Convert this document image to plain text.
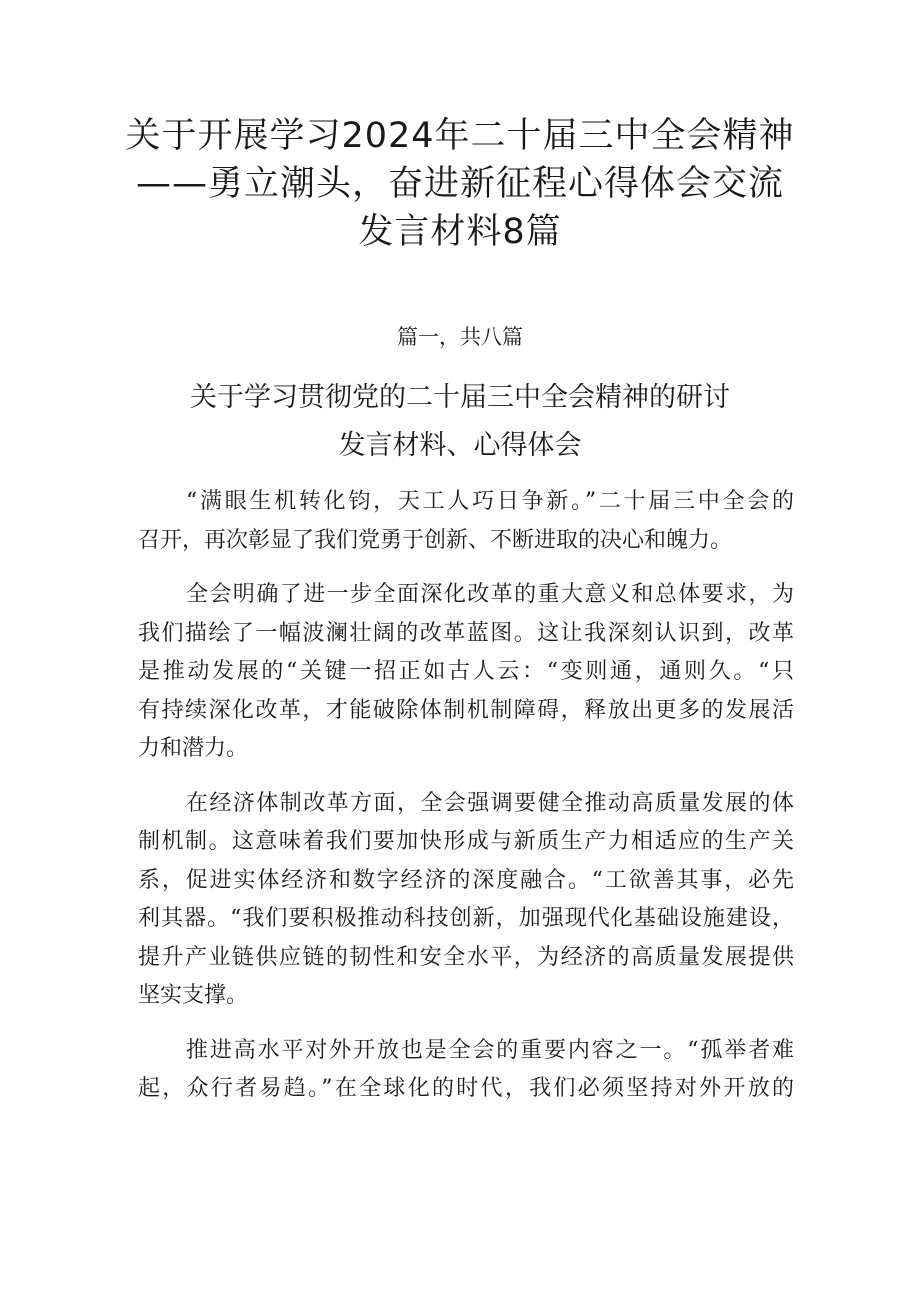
关于开展学习2024年二十届三中全会精神
——勇立潮头，奋进新征程心得体会交流
发言材料8篇
篇一，共八篇
关于学习贯彻党的二十届三中全会精神的研讨
发言材料、心得体会
“满眼生机转化钧，天工人巧日争新。”二十届三中全会的
召开，再次彰显了我们党勇于创新、不断进取的决心和魄力。
全会明确了进一步全面深化改革的重大意义和总体要求，为
我们描绘了一幅波澜壮阔的改革蓝图。这让我深刻认识到，改革
是推动发展的“关键一招正如古人云：“变则通，通则久。“只
有持续深化改革，才能破除体制机制障碍，释放出更多的发展活
力和潜力。
在经济体制改革方面，全会强调要健全推动高质量发展的体
制机制。这意味着我们要加快形成与新质生产力相适应的生产关
系，促进实体经济和数字经济的深度融合。“工欲善其事，必先
利其器。“我们要积极推动科技创新，加强现代化基础设施建设，
提升产业链供应链的韧性和安全水平，为经济的高质量发展提供
坚实支撑。
推进高水平对外开放也是全会的重要内容之一。“孤举者难
起，众行者易趋。”在全球化的时代，我们必须坚持对外开放的
